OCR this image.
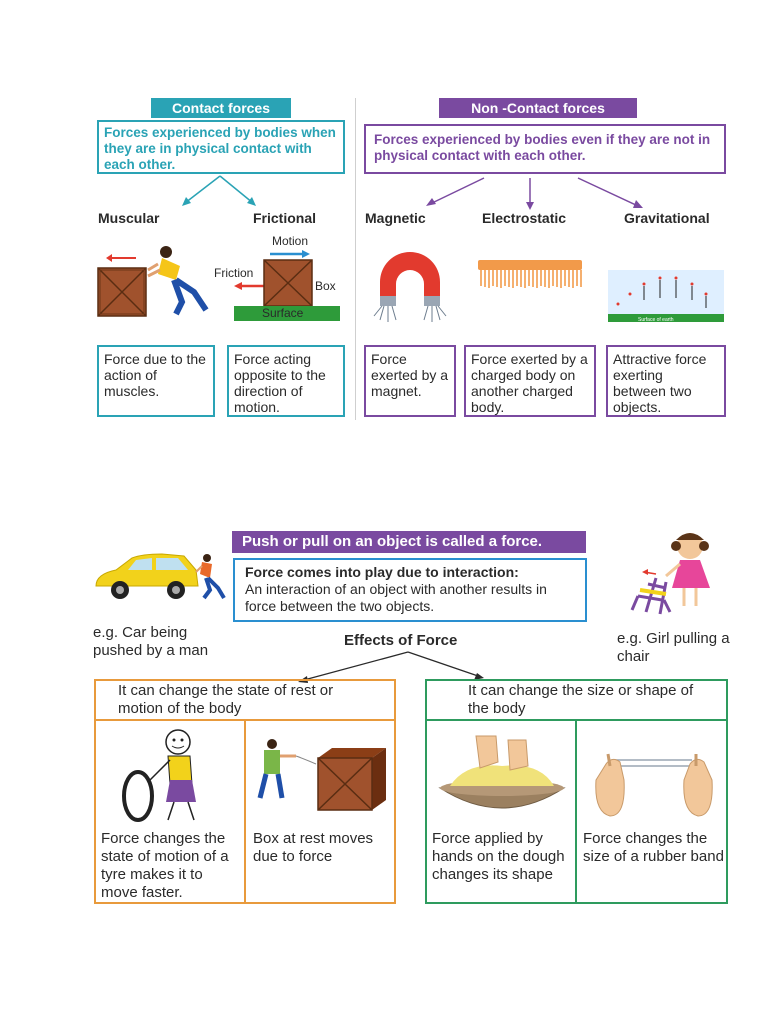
Contact forces
Forces experienced by bodies when they are in physical contact with each other.
Non -Contact forces
Forces experienced by bodies even if they are not in physical contact with each other.
Muscular	Frictional	Magnetic	Electrostatic	Gravitational
Motion
Friction
Box
Surface	Surface of earth
Force due to the action of muscles.
Force acting opposite to the direction of motion.
Force exerted by a magnet.
Force exerted by a charged body on another charged body.
Attractive force exerting between two objects.
Push or pull on an object is called a force.
Force comes into play due to interaction:
An interaction of an object with another results in force between the two objects.
e.g. Car being pushed by a man
e.g. Girl pulling a chair
Effects of Force
It can change the state of rest or motion of the body
Force changes the state of motion of a tyre makes it to move faster.
Box at rest moves due to force
It can change the size or shape of the body
Force applied by hands on the dough changes its shape
Force changes the size of a rubber band
